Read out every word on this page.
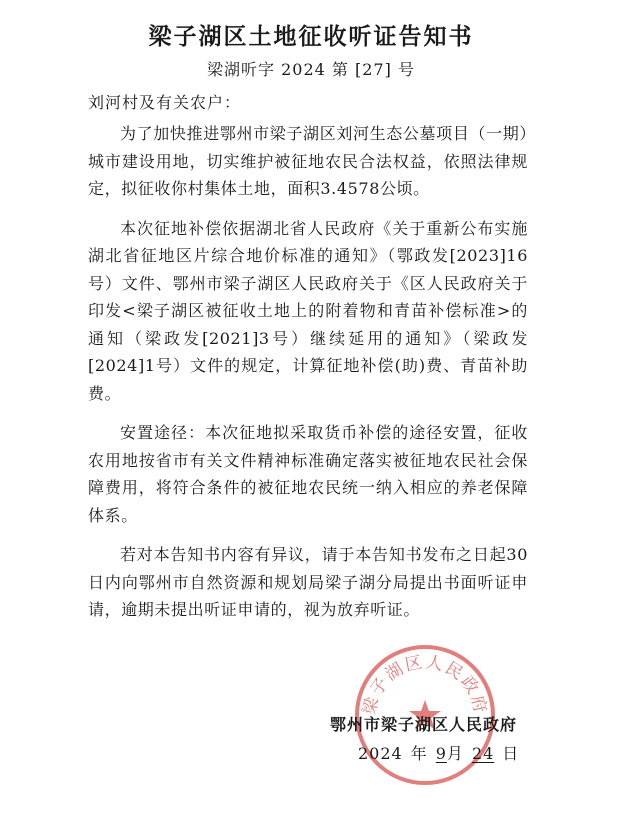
梁子湖区土地征收听证告知书
梁湖听字 2024 第 [27] 号
刘河村及有关农户：

为了加快推进鄂州市梁子湖区刘河生态公墓项目（一期）城市建设用地，切实维护被征地农民合法权益，依照法律规定，拟征收你村集体土地，面积3.4578公顷。

本次征地补偿依据湖北省人民政府《关于重新公布实施湖北省征地区片综合地价标准的通知》（鄂政发[2023]16号）文件、鄂州市梁子湖区人民政府关于《区人民政府关于印发<梁子湖区被征收土地上的附着物和青苗补偿标准>的通知（梁政发[2021]3号）继续延用的通知》（梁政发[2024]1号）文件的规定，计算征地补偿(助)费、青苗补助费。

安置途径：本次征地拟采取货币补偿的途径安置，征收农用地按省市有关文件精神标准确定落实被征地农民社会保障费用，将符合条件的被征地农民统一纳入相应的养老保障体系。

若对本告知书内容有异议，请于本告知书发布之日起30日内向鄂州市自然资源和规划局梁子湖分局提出书面听证申请，逾期未提出听证申请的，视为放弃听证。

梁子湖区人民政府
鄂州市梁子湖区人民政府
2024 年 9月 24 日
